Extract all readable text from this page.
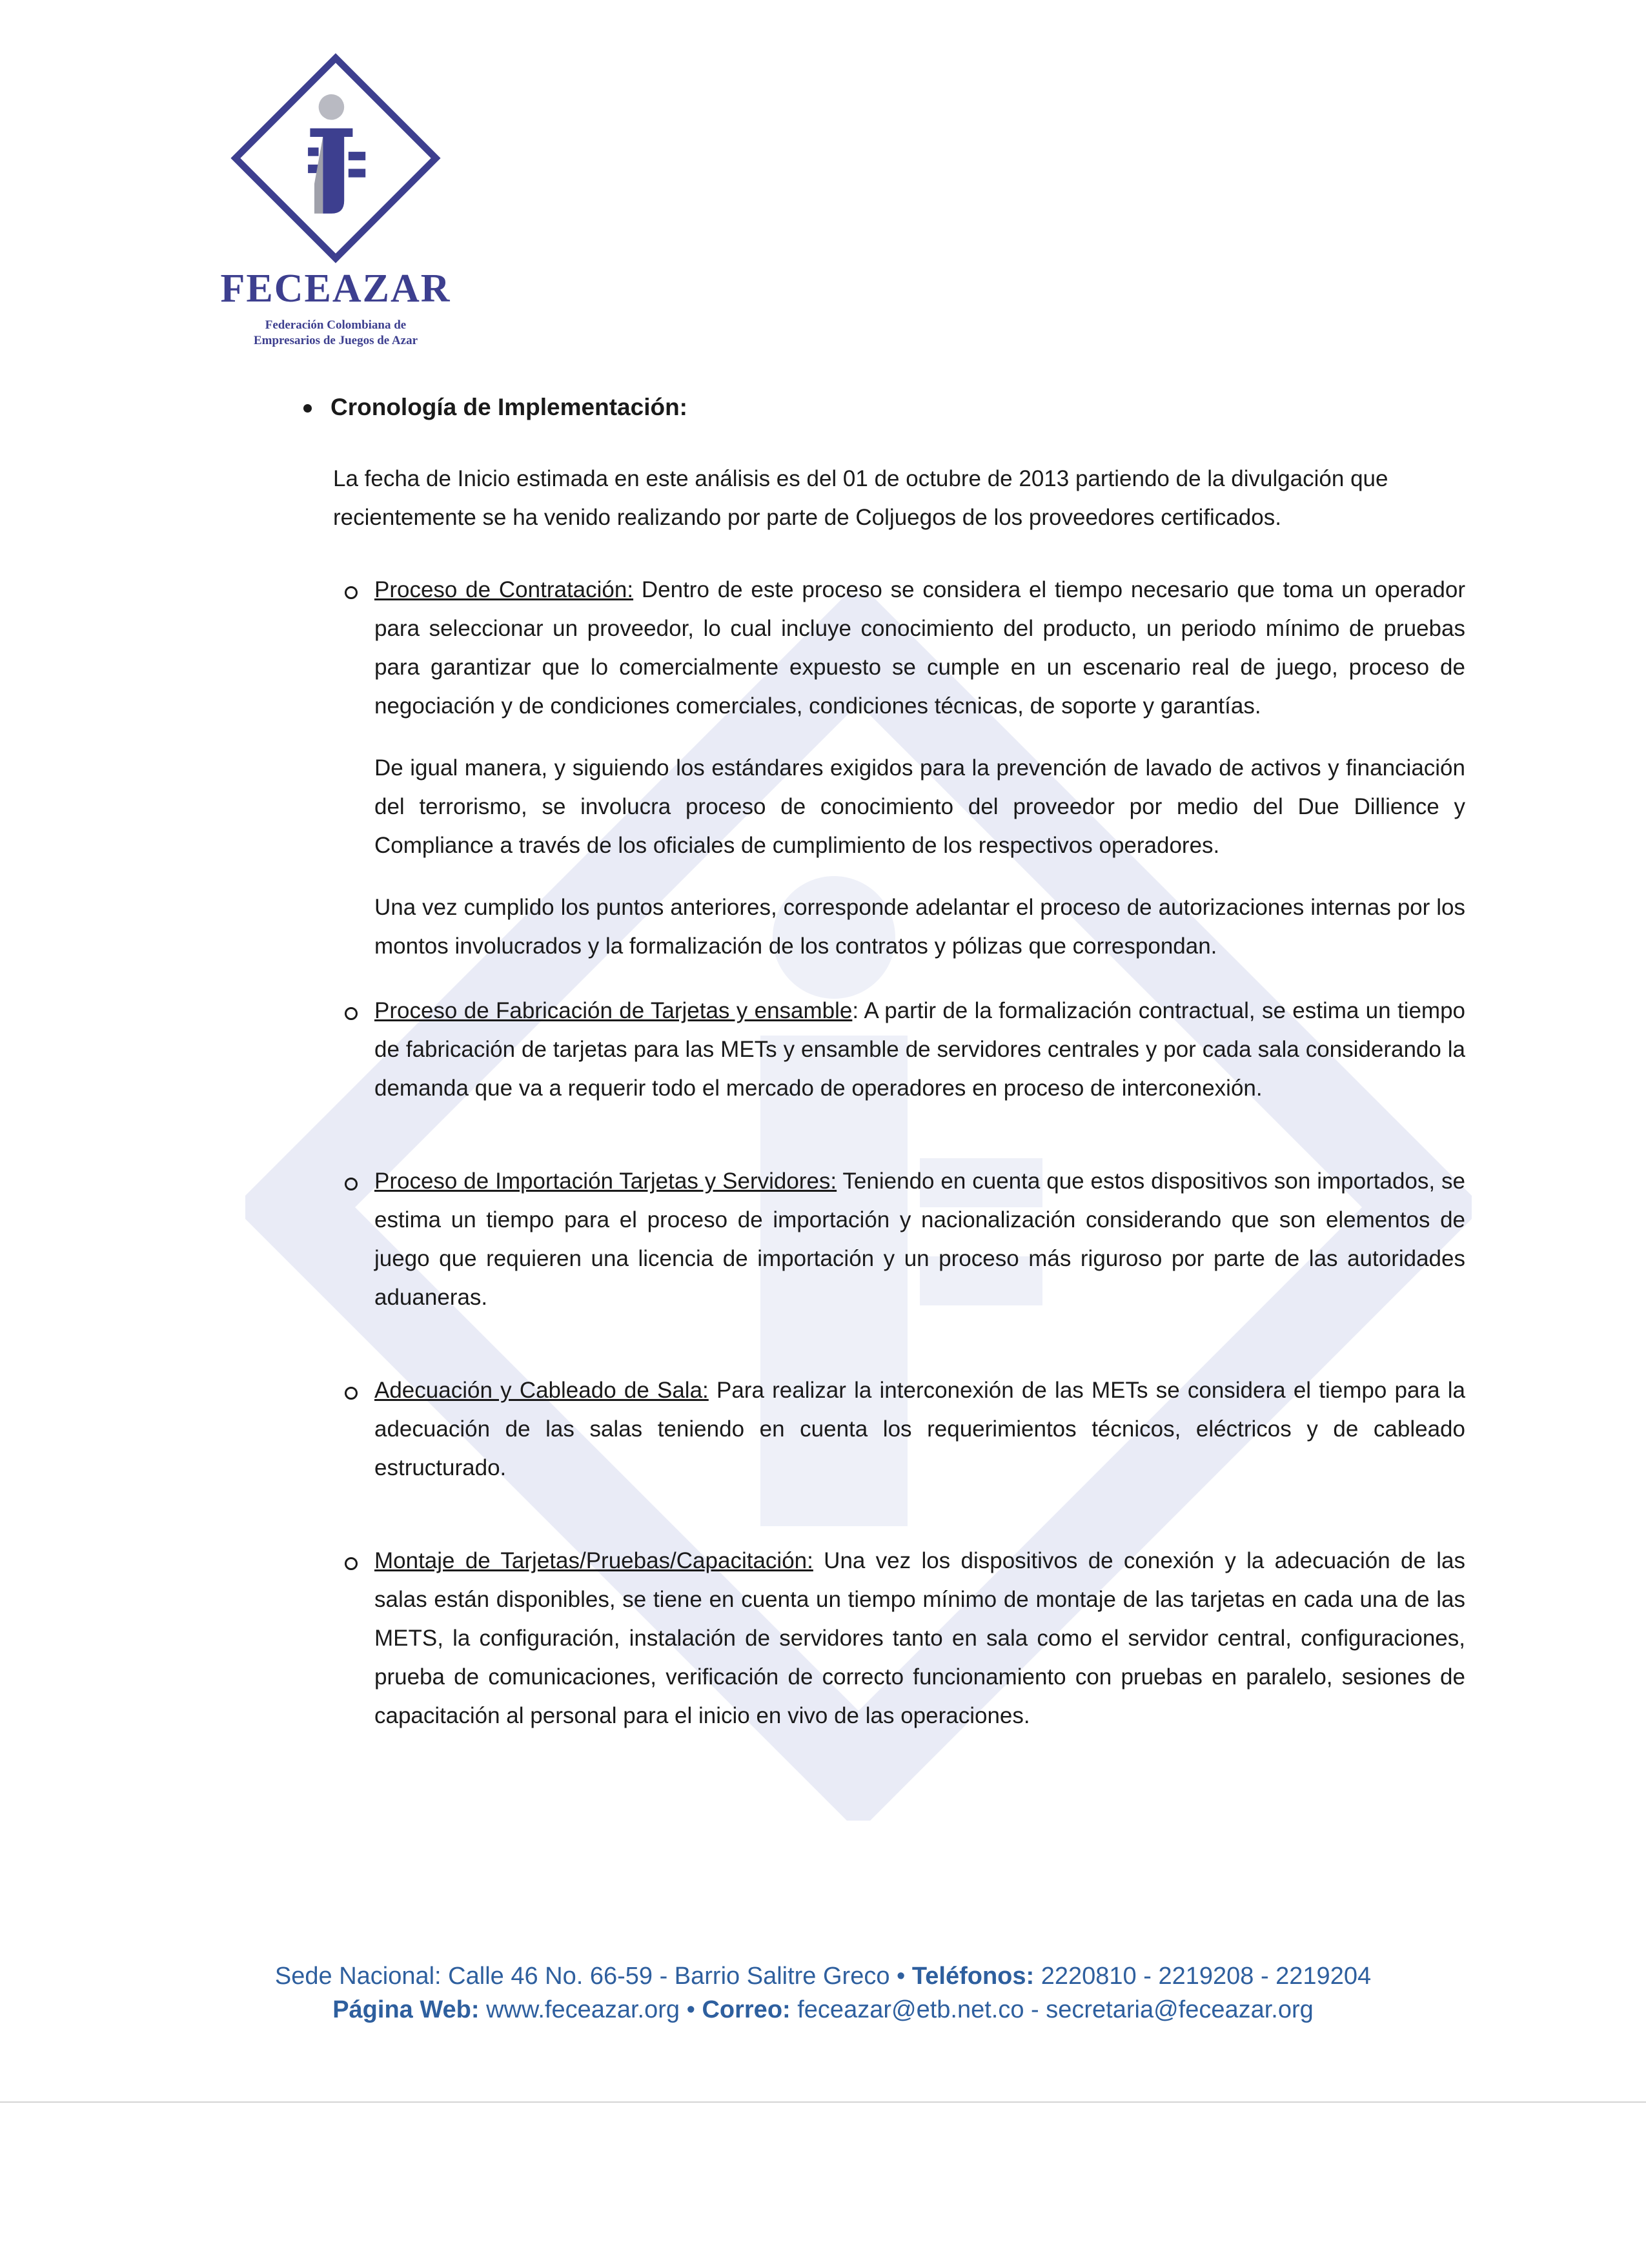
FECEAZAR
Federación Colombiana de
Empresarios de Juegos de Azar
Cronología de Implementación:

La fecha de Inicio estimada en este análisis es del 01 de octubre de 2013 partiendo de la divulgación que recientemente se ha venido realizando por parte de Coljuegos de los proveedores certificados.

Proceso de Contratación: Dentro de este proceso se considera el tiempo necesario que toma un operador para seleccionar un proveedor, lo cual incluye conocimiento del producto, un periodo mínimo de pruebas para garantizar que lo comercialmente expuesto se cumple en un escenario real de juego, proceso de negociación y de condiciones comerciales, condiciones técnicas, de soporte y garantías.

De igual manera, y siguiendo los estándares exigidos para la prevención de lavado de activos y financiación del terrorismo, se involucra proceso de conocimiento del proveedor por medio del Due Dillience y Compliance a través de los oficiales de cumplimiento de los respectivos operadores.

Una vez cumplido los puntos anteriores, corresponde adelantar el proceso de autorizaciones internas por los montos involucrados y la formalización de los contratos y pólizas que correspondan.

Proceso de Fabricación de Tarjetas y ensamble: A partir de la formalización contractual, se estima un tiempo de fabricación de tarjetas para las METs y ensamble de servidores centrales y por cada sala considerando la demanda que va a requerir todo el mercado de operadores en proceso de interconexión.
Proceso de Importación Tarjetas y Servidores: Teniendo en cuenta que estos dispositivos son importados, se estima un tiempo para el proceso de importación y nacionalización considerando que son elementos de juego que requieren una licencia de importación y un proceso más riguroso por parte de las autoridades aduaneras.
Adecuación y Cableado de Sala: Para realizar la interconexión de las METs se considera el tiempo para la adecuación de las salas teniendo en cuenta los requerimientos técnicos, eléctricos y de cableado estructurado.
Montaje de Tarjetas/Pruebas/Capacitación: Una vez los dispositivos de conexión y la adecuación de las salas están disponibles, se tiene en cuenta un tiempo mínimo de montaje de las tarjetas en cada una de las METS, la configuración, instalación de servidores tanto en sala como el servidor central, configuraciones, prueba de comunicaciones, verificación de correcto funcionamiento con pruebas en paralelo, sesiones de capacitación al personal para el inicio en vivo de las operaciones.
Sede Nacional: Calle 46 No. 66-59 - Barrio Salitre Greco • Teléfonos: 2220810 - 2219208 - 2219204
Página Web: www.feceazar.org • Correo: feceazar@etb.net.co - secretaria@feceazar.org
